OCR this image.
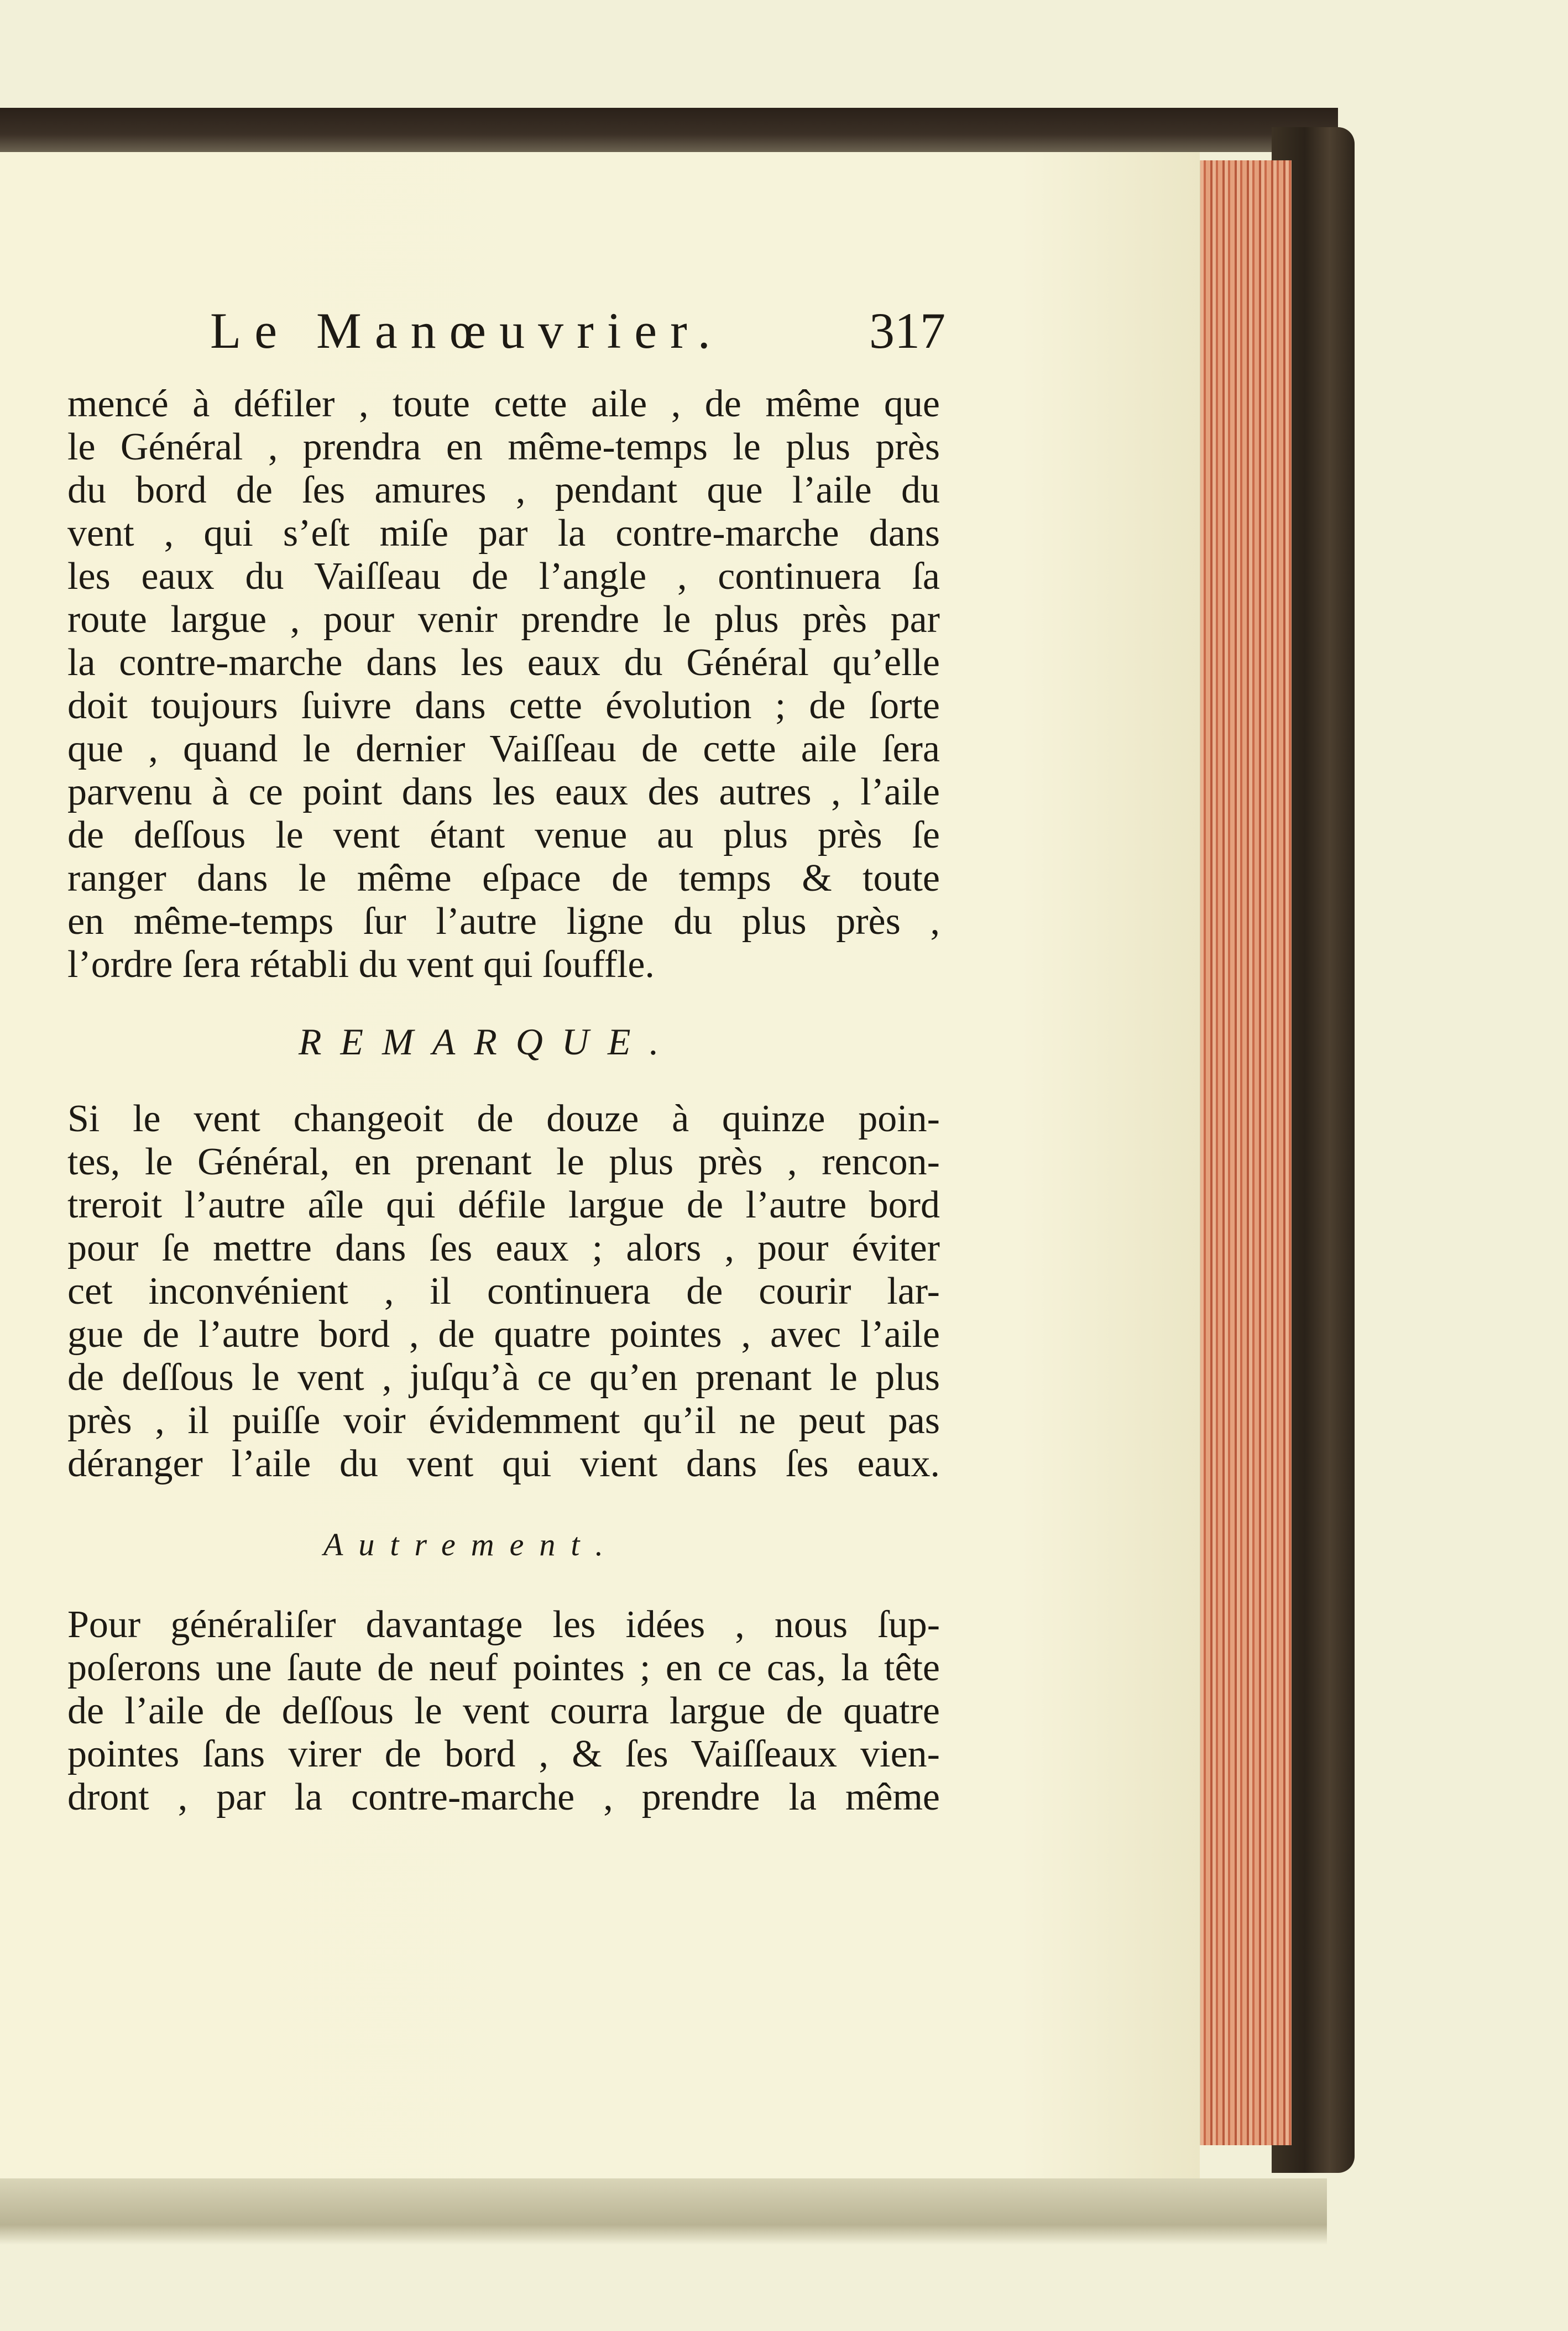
Le Manœuvrier.	317
mencé à défiler , toute cette aile , de même que
le Général , prendra en même-temps le plus près
du bord de ſes amures , pendant que l’aile du
vent , qui s’eſt miſe par la contre-marche dans
les eaux du Vaiſſeau de l’angle , continuera ſa
route largue , pour venir prendre le plus près par
la contre-marche dans les eaux du Général qu’elle
doit toujours ſuivre dans cette évolution ; de ſorte
que , quand le dernier Vaiſſeau de cette aile ſera
parvenu à ce point dans les eaux des autres , l’aile
de deſſous le vent étant venue au plus près ſe
ranger dans le même eſpace de temps & toute
en même-temps ſur l’autre ligne du plus près ,
l’ordre ſera rétabli du vent qui ſouffle.
REMARQUE.
Si le vent changeoit de douze à quinze poin-
tes, le Général, en prenant le plus près , rencon-
treroit l’autre aîle qui défile largue de l’autre bord
pour ſe mettre dans ſes eaux ; alors , pour éviter
cet inconvénient , il continuera de courir lar-
gue de l’autre bord , de quatre pointes , avec l’aile
de deſſous le vent , juſqu’à ce qu’en prenant le plus
près , il puiſſe voir évidemment qu’il ne peut pas
déranger l’aile du vent qui vient dans ſes eaux.
Autrement.
Pour généraliſer davantage les idées , nous ſup-
poſerons une ſaute de neuf pointes ; en ce cas, la tête
de l’aile de deſſous le vent courra largue de quatre
pointes ſans virer de bord , & ſes Vaiſſeaux vien-
dront , par la contre-marche , prendre la même
